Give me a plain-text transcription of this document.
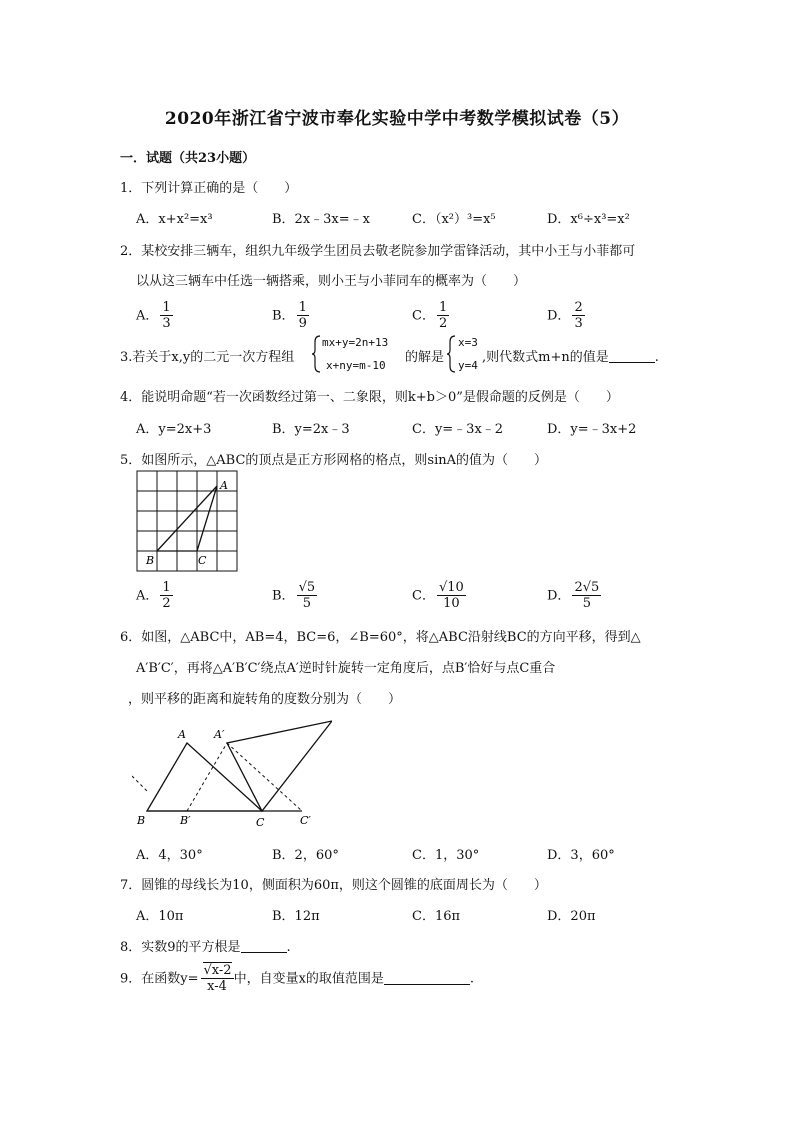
2020年浙江省宁波市奉化实验中学中考数学模拟试卷（5）
一．试题（共23小题）
1．下列计算正确的是（　　）
A．x+x²=x³	B．2x﹣3x=﹣x	C．（x²）³=x⁵	D．x⁶÷x³=x²
2．某校安排三辆车，组织九年级学生团员去敬老院参加学雷锋活动，其中小王与小菲都可
以从这三辆车中任选一辆搭乘，则小王与小菲同车的概率为（　　）
A． $\frac{1}{3}$	B． $\frac{1}{9}$	C． $\frac{1}{2}$	D． $\frac{2}{3}$
3.若关于x,y的二元一次方程组
mx+y=2n+13
x+ny=m-10
的解是
x=3
y=4
,则代数式m+n的值是	.
4．能说明命题“若一次函数经过第一、二象限，则k+b＞0”是假命题的反例是（　　）
A．y=2x+3	B．y=2x﹣3	C．y=﹣3x﹣2	D．y=﹣3x+2
5．如图所示，△ABC的顶点是正方形网格的格点，则sinA的值为（　　）
A
B	C
A． $\frac{1}{2}$	B． $\frac{√5}{5}$	C． $\frac{√10}{10}$	D． $\frac{2√5}{5}$
6．如图，△ABC中，AB=4，BC=6，∠B=60°，将△ABC沿射线BC的方向平移，得到△
A′B′C′，再将△A′B′C′绕点A′逆时针旋转一定角度后，点B′恰好与点C重合
，则平移的距离和旋转角的度数分别为（　　）
A	A′
B	B′	C	C′
A．4，30°	B．2，60°	C．1，30°	D．3，60°
7．圆锥的母线长为10，侧面积为60π，则这个圆锥的底面周长为（　　）
A．10π	B．12π	C．16π	D．20π
8．实数9的平方根是	.
9．在函数$y= \frac{√x-2}{x-4}$ 中，自变量x的取值范围是	.
